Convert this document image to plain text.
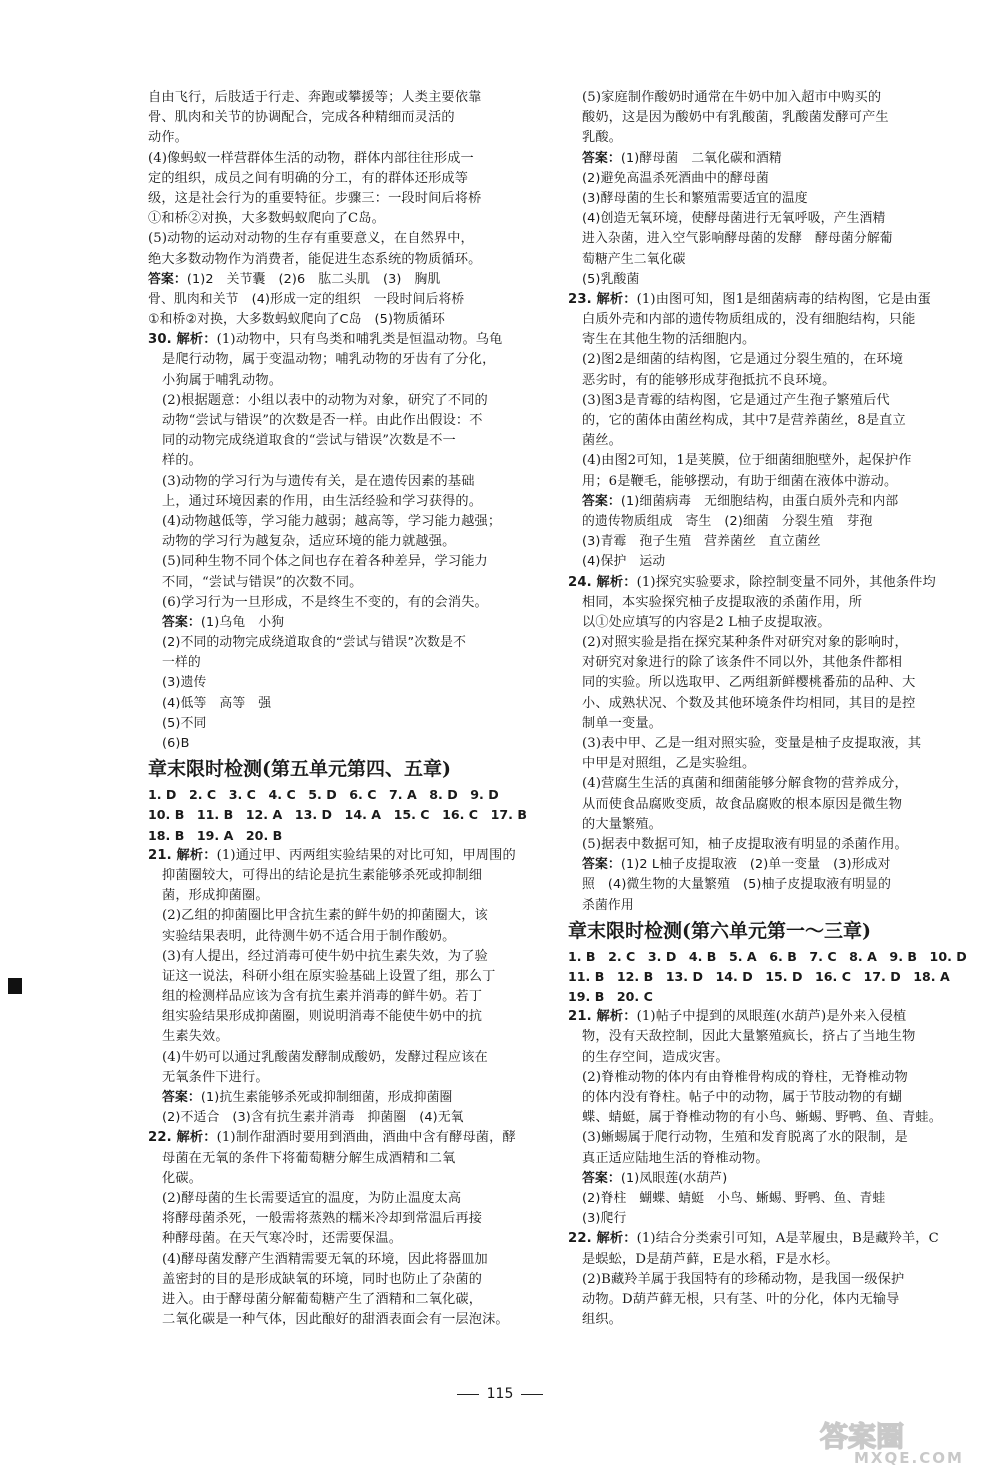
自由飞行，后肢适于行走、奔跑或攀援等；人类主要依靠
骨、肌肉和关节的协调配合，完成各种精细而灵活的
动作。
(4)像蚂蚁一样营群体生活的动物，群体内部往往形成一
定的组织，成员之间有明确的分工，有的群体还形成等
级，这是社会行为的重要特征。步骤三：一段时间后将桥
①和桥②对换，大多数蚂蚁爬向了C岛。
(5)动物的运动对动物的生存有重要意义，在自然界中，
绝大多数动物作为消费者，能促进生态系统的物质循环。
答案：(1)2　关节囊　(2)6　肱二头肌　(3)　胸肌
骨、肌肉和关节　(4)形成一定的组织　一段时间后将桥
①和桥②对换，大多数蚂蚁爬向了C岛　(5)物质循环
30. 解析：(1)动物中，只有鸟类和哺乳类是恒温动物。乌龟
是爬行动物，属于变温动物；哺乳动物的牙齿有了分化，
小狗属于哺乳动物。
(2)根据题意：小组以表中的动物为对象，研究了不同的
动物“尝试与错误”的次数是否一样。由此作出假设：不
同的动物完成绕道取食的“尝试与错误”次数是不一
样的。
(3)动物的学习行为与遗传有关，是在遗传因素的基础
上，通过环境因素的作用，由生活经验和学习获得的。
(4)动物越低等，学习能力越弱；越高等，学习能力越强；
动物的学习行为越复杂，适应环境的能力就越强。
(5)同种生物不同个体之间也存在着各种差异，学习能力
不同，“尝试与错误”的次数不同。
(6)学习行为一旦形成，不是终生不变的，有的会消失。
答案：(1)乌龟　小狗
(2)不同的动物完成绕道取食的“尝试与错误”次数是不
一样的
(3)遗传
(4)低等　高等　强
(5)不同
(6)B
章末限时检测(第五单元第四、五章)
1. D　2. C　3. C　4. C　5. D　6. C　7. A　8. D　9. D
10. B　11. B　12. A　13. D　14. A　15. C　16. C　17. B
18. B　19. A　20. B
21. 解析：(1)通过甲、丙两组实验结果的对比可知，甲周围的
抑菌圈较大，可得出的结论是抗生素能够杀死或抑制细
菌，形成抑菌圈。
(2)乙组的抑菌圈比甲含抗生素的鲜牛奶的抑菌圈大，该
实验结果表明，此待测牛奶不适合用于制作酸奶。
(3)有人提出，经过消毒可使牛奶中抗生素失效，为了验
证这一说法，科研小组在原实验基础上设置了组，那么丁
组的检测样品应该为含有抗生素并消毒的鲜牛奶。若丁
组实验结果形成抑菌圈，则说明消毒不能使牛奶中的抗
生素失效。
(4)牛奶可以通过乳酸菌发酵制成酸奶，发酵过程应该在
无氧条件下进行。
答案：(1)抗生素能够杀死或抑制细菌，形成抑菌圈
(2)不适合　(3)含有抗生素并消毒　抑菌圈　(4)无氧
22. 解析：(1)制作甜酒时要用到酒曲，酒曲中含有酵母菌，酵
母菌在无氧的条件下将葡萄糖分解生成酒精和二氧
化碳。
(2)酵母菌的生长需要适宜的温度，为防止温度太高
将酵母菌杀死，一般需将蒸熟的糯米冷却到常温后再接
种酵母菌。在天气寒冷时，还需要保温。
(4)酵母菌发酵产生酒精需要无氧的环境，因此将器皿加
盖密封的目的是形成缺氧的环境，同时也防止了杂菌的
进入。由于酵母菌分解葡萄糖产生了酒精和二氧化碳，
二氧化碳是一种气体，因此酿好的甜酒表面会有一层泡沫。
(5)家庭制作酸奶时通常在牛奶中加入超市中购买的
酸奶，这是因为酸奶中有乳酸菌，乳酸菌发酵可产生
乳酸。
答案：(1)酵母菌　二氧化碳和酒精
(2)避免高温杀死酒曲中的酵母菌
(3)酵母菌的生长和繁殖需要适宜的温度
(4)创造无氧环境，使酵母菌进行无氧呼吸，产生酒精
进入杂菌，进入空气影响酵母菌的发酵　酵母菌分解葡
萄糖产生二氧化碳
(5)乳酸菌
23. 解析：(1)由图可知，图1是细菌病毒的结构图，它是由蛋
白质外壳和内部的遗传物质组成的，没有细胞结构，只能
寄生在其他生物的活细胞内。
(2)图2是细菌的结构图，它是通过分裂生殖的，在环境
恶劣时，有的能够形成芽孢抵抗不良环境。
(3)图3是青霉的结构图，它是通过产生孢子繁殖后代
的，它的菌体由菌丝构成，其中7是营养菌丝，8是直立
菌丝。
(4)由图2可知，1是荚膜，位于细菌细胞壁外，起保护作
用；6是鞭毛，能够摆动，有助于细菌在液体中游动。
答案：(1)细菌病毒　无细胞结构，由蛋白质外壳和内部
的遗传物质组成　寄生　(2)细菌　分裂生殖　芽孢
(3)青霉　孢子生殖　营养菌丝　直立菌丝
(4)保护　运动
24. 解析：(1)探究实验要求，除控制变量不同外，其他条件均
相同，本实验探究柚子皮提取液的杀菌作用，所
以①处应填写的内容是2 L柚子皮提取液。
(2)对照实验是指在探究某种条件对研究对象的影响时，
对研究对象进行的除了该条件不同以外，其他条件都相
同的实验。所以选取甲、乙两组新鲜樱桃番茄的品种、大
小、成熟状况、个数及其他环境条件均相同，其目的是控
制单一变量。
(3)表中甲、乙是一组对照实验，变量是柚子皮提取液，其
中甲是对照组，乙是实验组。
(4)营腐生生活的真菌和细菌能够分解食物的营养成分，
从而使食品腐败变质，故食品腐败的根本原因是微生物
的大量繁殖。
(5)据表中数据可知，柚子皮提取液有明显的杀菌作用。
答案：(1)2 L柚子皮提取液　(2)单一变量　(3)形成对
照　(4)微生物的大量繁殖　(5)柚子皮提取液有明显的
杀菌作用
章末限时检测(第六单元第一～三章)
1. B　2. C　3. D　4. B　5. A　6. B　7. C　8. A　9. B　10. D
11. B　12. B　13. D　14. D　15. D　16. C　17. D　18. A
19. B　20. C
21. 解析：(1)帖子中提到的凤眼莲(水葫芦)是外来入侵植
物，没有天敌控制，因此大量繁殖疯长，挤占了当地生物
的生存空间，造成灾害。
(2)脊椎动物的体内有由脊椎骨构成的脊柱，无脊椎动物
的体内没有脊柱。帖子中的动物，属于节肢动物的有蝴
蝶、蜻蜓，属于脊椎动物的有小鸟、蜥蜴、野鸭、鱼、青蛙。
(3)蜥蜴属于爬行动物，生殖和发育脱离了水的限制，是
真正适应陆地生活的脊椎动物。
答案：(1)凤眼莲(水葫芦)
(2)脊柱　蝴蝶、蜻蜓　小鸟、蜥蜴、野鸭、鱼、青蛙
(3)爬行
22. 解析：(1)结合分类索引可知，A是苹履虫，B是藏羚羊，C
是蜈蚣，D是葫芦藓，E是水稻，F是水杉。
(2)B藏羚羊属于我国特有的珍稀动物，是我国一级保护
动物。D葫芦藓无根，只有茎、叶的分化，体内无输导
组织。
115
答案圈
MXQE.COM
